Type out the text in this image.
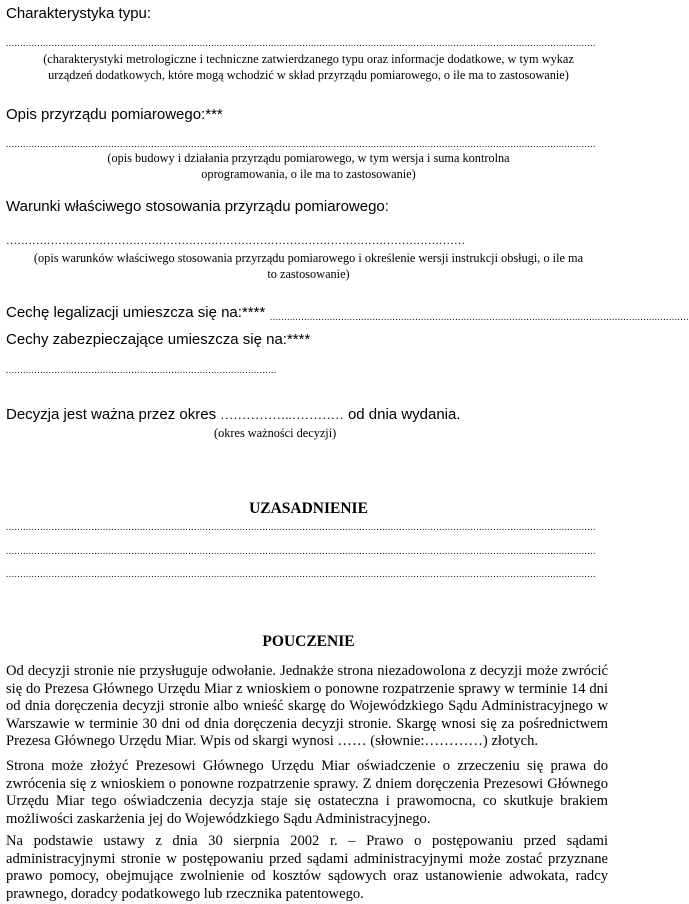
Charakterystyka typu:
...............................................................................................................................................................................................................
(charakterystyki metrologiczne i techniczne zatwierdzanego typu oraz informacje dodatkowe, w tym wykaz
urządzeń dodatkowych, które mogą wchodzić w skład przyrządu pomiarowego, o ile ma to zastosowanie)
Opis przyrządu pomiarowego:***
...............................................................................................................................................................................................................
(opis budowy i działania przyrządu pomiarowego, w tym wersja i suma kontrolna
oprogramowania, o ile ma to zastosowanie)
Warunki właściwego stosowania przyrządu pomiarowego:
……………………………………………………………………………………………………………
(opis warunków właściwego stosowania przyrządu pomiarowego i określenie wersji instrukcji obsługi, o ile ma
to zastosowanie)
Cechę legalizacji umieszcza się na:**** ...................................................................................................................................................
Cechy zabezpieczające umieszcza się na:****
...............................................................................................
Decyzja jest ważna przez okres ……………..………… od dnia wydania.
(okres ważności decyzji)
UZASADNIENIE
...............................................................................................................................................................................................................
...............................................................................................................................................................................................................
...............................................................................................................................................................................................................
POUCZENIE
Od decyzji stronie nie przysługuje odwołanie. Jednakże strona niezadowolona z decyzji może zwrócić się do Prezesa Głównego Urzędu Miar z wnioskiem o ponowne rozpatrzenie sprawy w terminie 14 dni od dnia doręczenia decyzji stronie albo wnieść skargę do Wojewódzkiego Sądu Administracyjnego w Warszawie w terminie 30 dni od dnia doręczenia decyzji stronie. Skargę wnosi się za pośrednictwem Prezesa Głównego Urzędu Miar. Wpis od skargi wynosi …… (słownie:…………) złotych.
Strona może złożyć Prezesowi Głównego Urzędu Miar oświadczenie o zrzeczeniu się prawa do zwrócenia się z wnioskiem o ponowne rozpatrzenie sprawy. Z dniem doręczenia Prezesowi Głównego Urzędu Miar tego oświadczenia decyzja staje się ostateczna i prawomocna, co skutkuje brakiem możliwości zaskarżenia jej do Wojewódzkiego Sądu Administracyjnego.
Na podstawie ustawy z dnia 30 sierpnia 2002 r. – Prawo o postępowaniu przed sądami administracyjnymi stronie w postępowaniu przed sądami administracyjnymi może zostać przyznane prawo pomocy, obejmujące zwolnienie od kosztów sądowych oraz ustanowienie adwokata, radcy prawnego, doradcy podatkowego lub rzecznika patentowego.
